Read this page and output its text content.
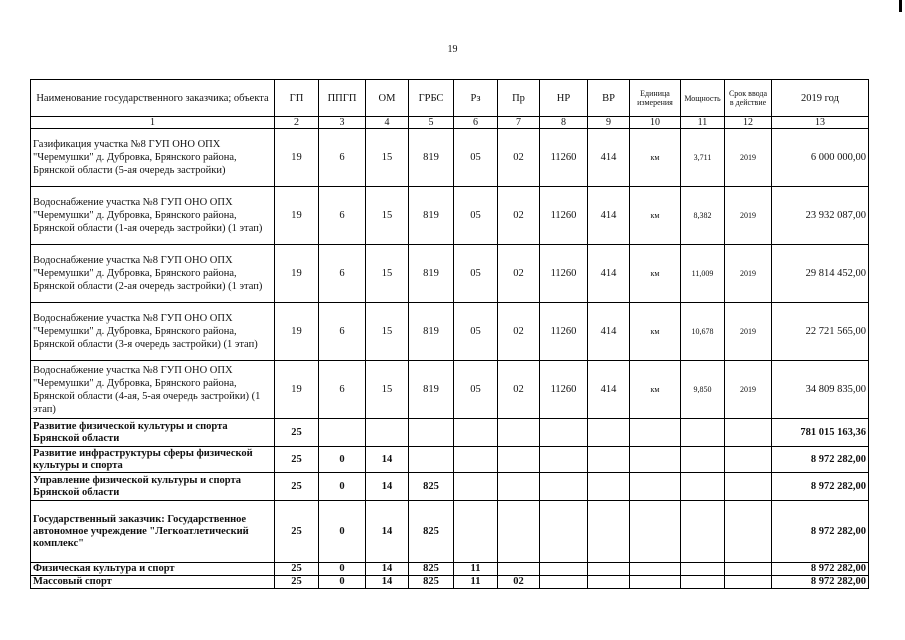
19
Наименование государственного заказчика; объекта	ГП	ППГП	ОМ	ГРБС	Рз	Пр	НР	ВР	Единица измерения	Мощность	Срок ввода в действие	2019 год
1	2	3	4	5	6	7	8	9	10	11	12	13
Газификация участка №8 ГУП ОНО ОПХ "Черемушки" д. Дубровка, Брянского района, Брянской области (5-ая очередь застройки)	19	6	15	819	05	02	11260	414	км	3,711	2019	6 000 000,00
Водоснабжение участка №8 ГУП ОНО ОПХ "Черемушки" д. Дубровка, Брянского района, Брянской области (1-ая очередь застройки) (1 этап)	19	6	15	819	05	02	11260	414	км	8,382	2019	23 932 087,00
Водоснабжение участка №8 ГУП ОНО ОПХ "Черемушки" д. Дубровка, Брянского района, Брянской области (2-ая очередь застройки) (1 этап)	19	6	15	819	05	02	11260	414	км	11,009	2019	29 814 452,00
Водоснабжение участка №8 ГУП ОНО ОПХ "Черемушки" д. Дубровка, Брянского района, Брянской области (3-я очередь застройки) (1 этап)	19	6	15	819	05	02	11260	414	км	10,678	2019	22 721 565,00
Водоснабжение участка №8 ГУП ОНО ОПХ "Черемушки" д. Дубровка, Брянского района, Брянской области (4-ая, 5-ая очередь застройки) (1 этап)	19	6	15	819	05	02	11260	414	км	9,850	2019	34 809 835,00
Развитие физической культуры и спорта Брянской области	25											781 015 163,36
Развитие инфраструктуры сферы физической культуры и спорта	25	0	14									8 972 282,00
Управление физической культуры и спорта Брянской области	25	0	14	825								8 972 282,00
Государственный заказчик: Государственное автономное учреждение "Легкоатлетический комплекс"	25	0	14	825								8 972 282,00
Физическая культура и спорт	25	0	14	825	11							8 972 282,00
Массовый спорт	25	0	14	825	11	02						8 972 282,00
